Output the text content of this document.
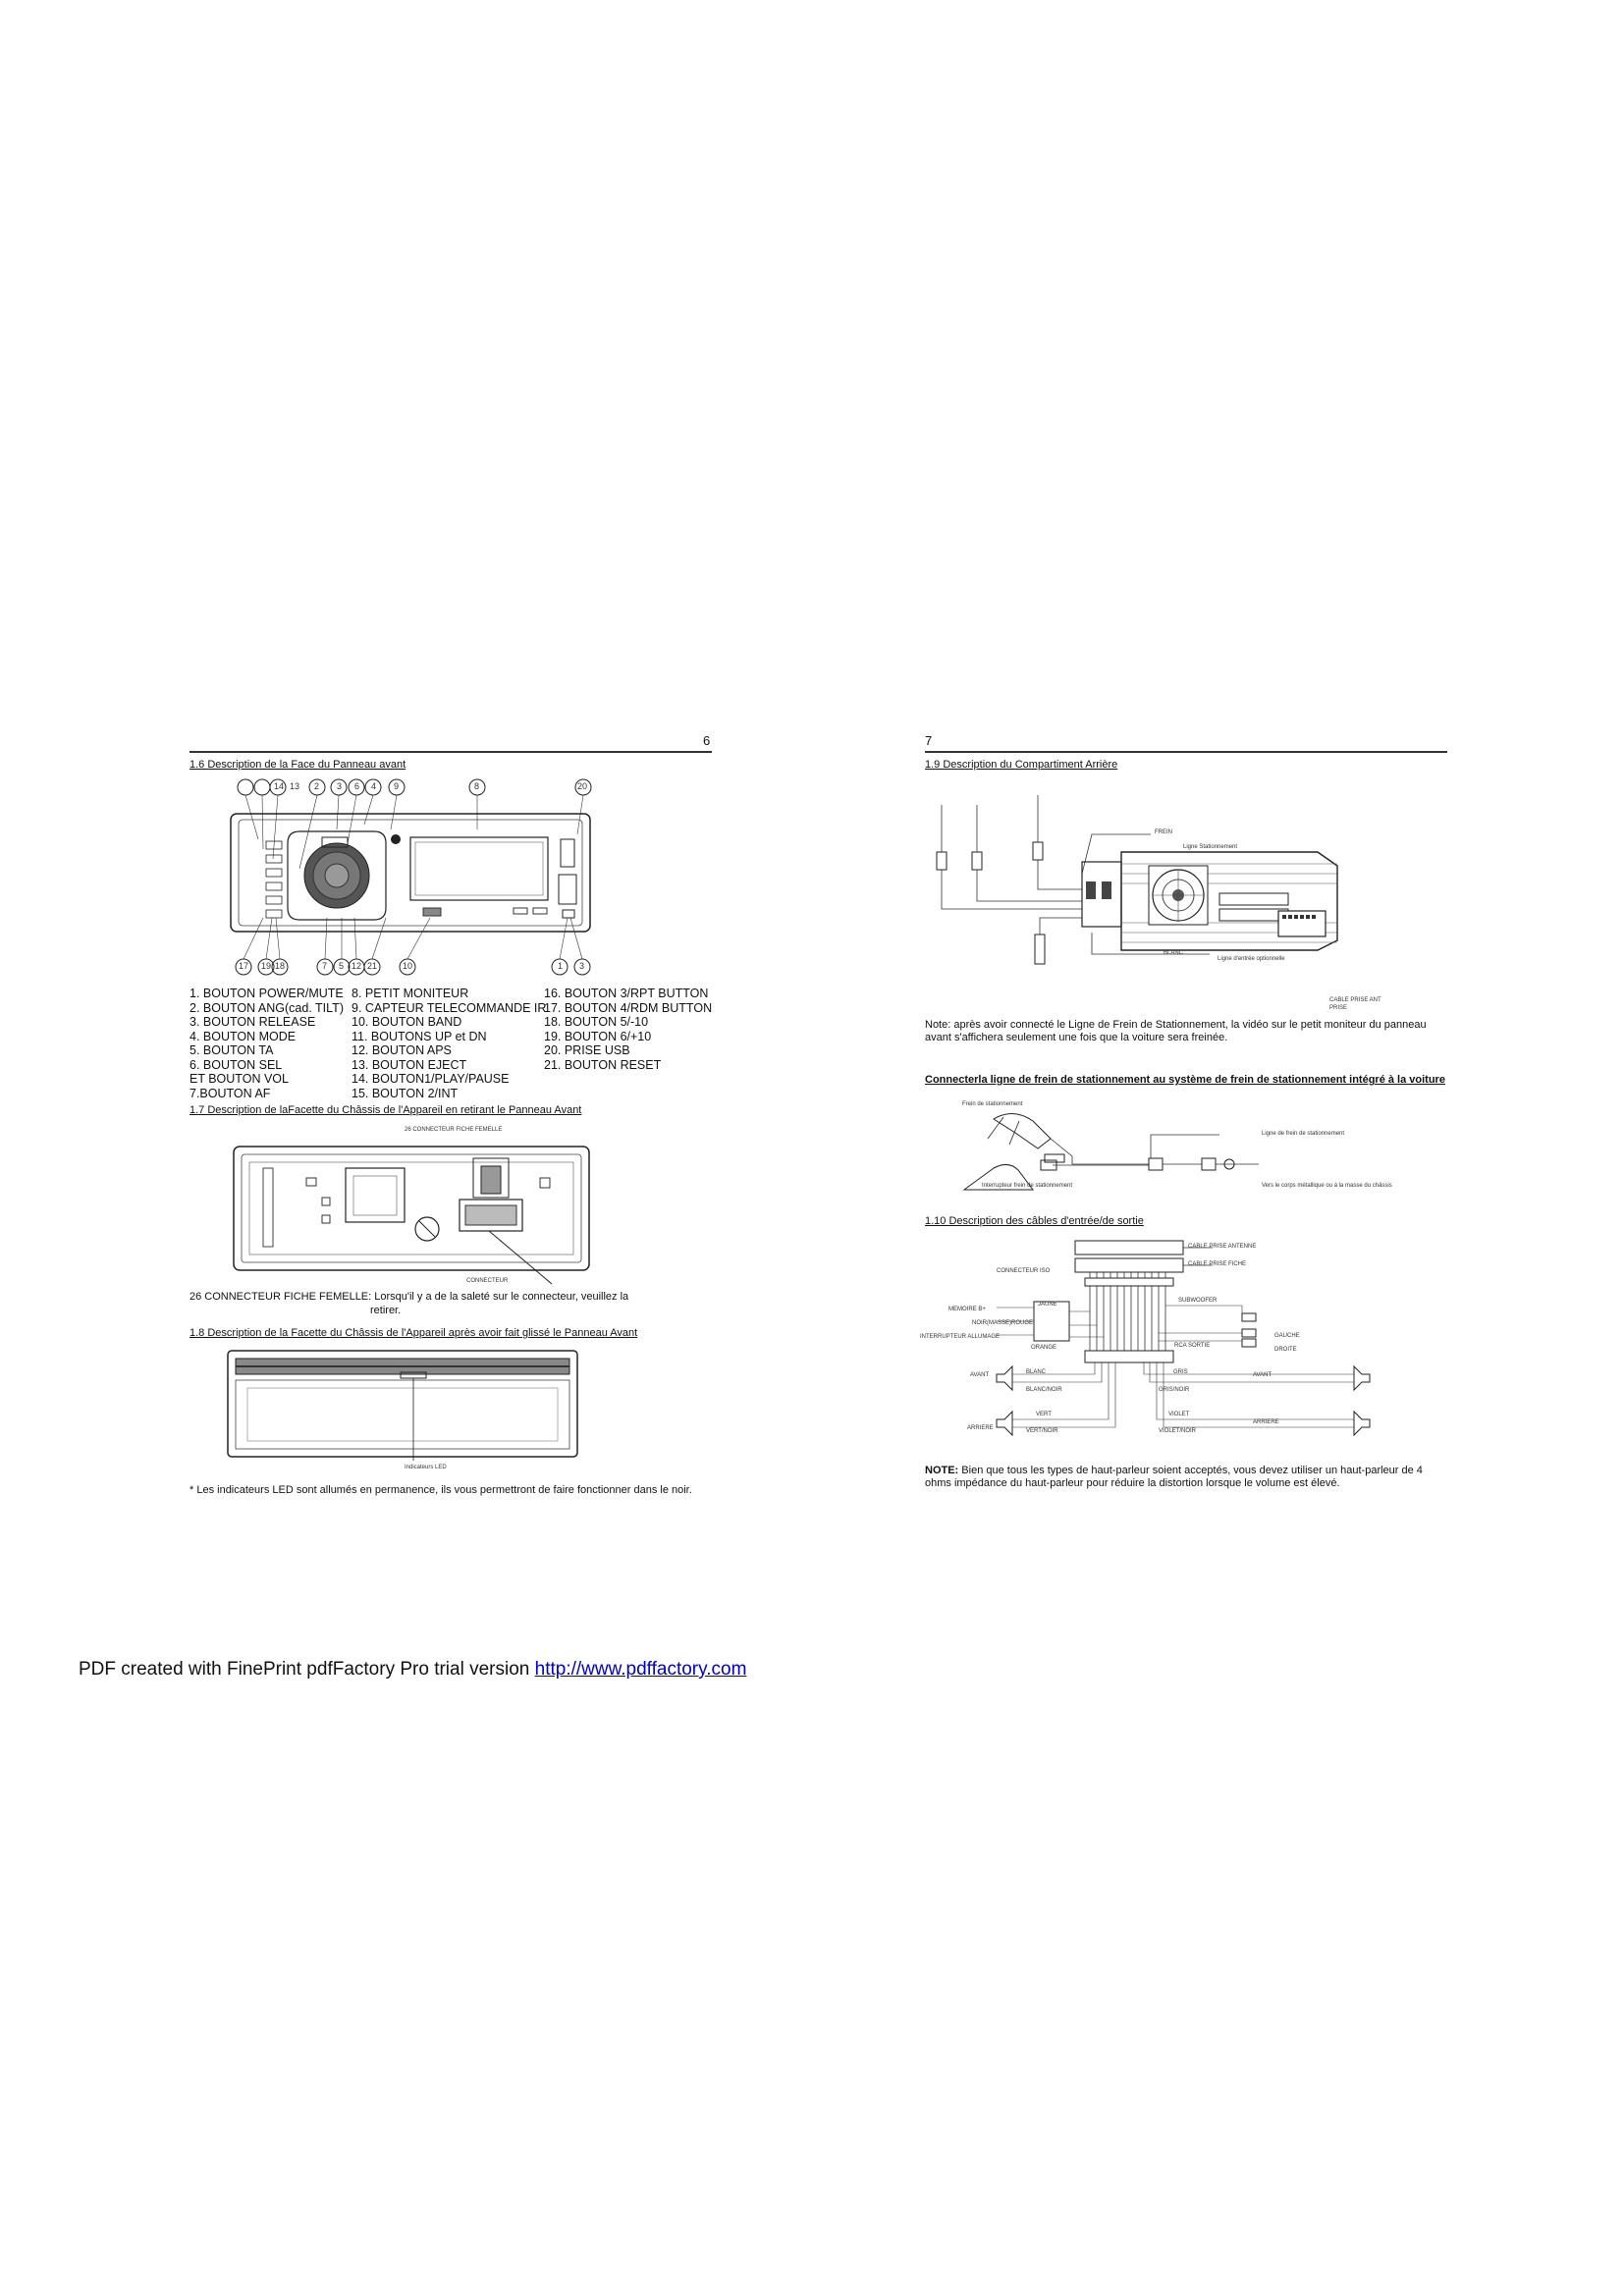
6
1.6 Description de la Face du Panneau avant
14 13 2 3 6 4 9	8	20
17 19 18	7 5 12 21	10	1 3
1. BOUTON POWER/MUTE
2. BOUTON ANG(cad. TILT)
3. BOUTON RELEASE
4. BOUTON MODE
5. BOUTON TA
6. BOUTON SEL
ET BOUTON VOL
7.BOUTON AF
8. PETIT MONITEUR
9. CAPTEUR TELECOMMANDE IR
10. BOUTON BAND
11. BOUTONS UP et DN
12. BOUTON APS
13. BOUTON EJECT
14. BOUTON1/PLAY/PAUSE
15. BOUTON 2/INT
16. BOUTON 3/RPT BUTTON
17. BOUTON 4/RDM BUTTON
18. BOUTON 5/-10
19. BOUTON 6/+10
20. PRISE USB
21. BOUTON RESET
1.7 Description de laFacette du Châssis de l'Appareil en retirant le Panneau Avant
26 CONNECTEUR FICHE FEMELLE
CONNECTEUR
26 CONNECTEUR FICHE FEMELLE: Lorsqu'il y a de la saleté sur le connecteur, veuillez la
retirer.
1.8 Description de la Facette du Châssis de l'Appareil après avoir fait glissé le Panneau Avant
Indicateurs LED
* Les indicateurs LED sont allumés en permanence, ils vous permettront de faire fonctionner dans le noir.
7
1.9 Description du Compartiment Arrière
FREIN
Ligne Stationnement
BLANC
Ligne d'entrée optionnelle
CABLE PRISE ANT
PRISE
Note: après avoir connecté le Ligne de Frein de Stationnement, la vidéo sur le petit moniteur du panneau avant s'affichera seulement une fois que la voiture sera freinée.
Connecterla ligne de frein de stationnement au système de frein de stationnement intégré à la voiture
Frein de stationnement
Ligne de frein de stationnement
Interrupteur frein de stationnement	Vers le corps métallique ou à la masse du châssis
1.10 Description des câbles d'entrée/de sortie
CONNECTEUR ISO
CABLE PRISE ANTENNE
CABLE PRISE FICHE
MEMOIRE B+
NOIR(MASSE)
INTERRUPTEUR ALLUMAGE
JAUNE
ROUGE
ORANGE
SUBWOOFER
RCA SORTIE
GAUCHE
DROITE
AVANT	AVANT
BLANC
BLANC/NOIR
GRIS
GRIS/NOIR
VERT
VERT/NOIR
VIOLET
VIOLET/NOIR
ARRIERE
ARRIERE
NOTE: Bien que tous les types de haut-parleur soient acceptés, vous devez utiliser un haut-parleur de 4 ohms impédance du haut-parleur pour réduire la distortion lorsque le volume est élevé.
PDF created with FinePrint pdfFactory Pro trial version http://www.pdffactory.com
